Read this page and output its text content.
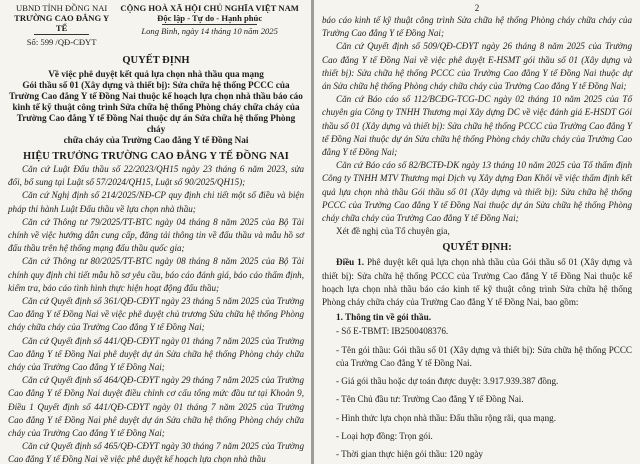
UBND TỈNH ĐỒNG NAI
TRƯỜNG CAO ĐẲNG Y TẾ
Số: 599 /QĐ-CĐYT
CỘNG HOÀ XÃ HỘI CHỦ NGHĨA VIỆT NAM
Độc lập - Tự do - Hạnh phúc
Long Bình, ngày 14 tháng 10 năm 2025
QUYẾT ĐỊNH
Về việc phê duyệt kết quả lựa chọn nhà thầu qua mạng
Gói thầu số 01 (Xây dựng và thiết bị): Sửa chữa hệ thống PCCC của
Trường Cao đẳng Y tế Đồng Nai thuộc kế hoạch lựa chọn nhà thầu báo cáo
kinh tế kỹ thuật công trình Sửa chữa hệ thống Phòng cháy chữa cháy của
Trường Cao đẳng Y tế Đồng Nai thuộc dự án Sửa chữa hệ thống Phòng cháy
chữa cháy của Trường Cao đẳng Y tế Đồng Nai
HIỆU TRƯỞNG TRƯỜNG CAO ĐẲNG Y TẾ ĐỒNG NAI

Căn cứ Luật Đấu thầu số 22/2023/QH15 ngày 23 tháng 6 năm 2023, sửa đổi, bổ sung tại Luật số 57/2024/QH15, Luật số 90/2025/QH15);

Căn cứ Nghị định số 214/2025/NĐ-CP quy định chi tiết một số điều và biện pháp thi hành Luật Đấu thầu về lựa chọn nhà thầu;

Căn cứ Thông tư 79/2025/TT-BTC ngày 04 tháng 8 năm 2025 của Bộ Tài chính về việc hướng dẫn cung cấp, đăng tải thông tin về đấu thầu và mẫu hồ sơ đấu thầu trên hệ thống mạng đấu thầu quốc gia;

Căn cứ Thông tư 80/2025/TT-BTC ngày 08 tháng 8 năm 2025 của Bộ Tài chính quy định chi tiết mẫu hồ sơ yêu cầu, báo cáo đánh giá, báo cáo thẩm định, kiểm tra, báo cáo tình hình thực hiện hoạt động đấu thầu;

Căn cứ Quyết định số 361/QĐ-CĐYT ngày 23 tháng 5 năm 2025 của Trường Cao đẳng Y tế Đồng Nai về việc phê duyệt chủ trương Sửa chữa hệ thống Phòng cháy chữa cháy của Trường Cao đẳng Y tế Đồng Nai;

Căn cứ Quyết định số 441/QĐ-CĐYT ngày 01 tháng 7 năm 2025 của Trường Cao đẳng Y tế Đồng Nai phê duyệt dự án Sửa chữa hệ thống Phòng cháy chữa cháy của Trường Cao đẳng Y tế Đồng Nai;

Căn cứ Quyết định số 464/QĐ-CĐYT ngày 29 tháng 7 năm 2025 của Trường Cao đẳng Y tế Đồng Nai duyệt điều chỉnh cơ cấu tổng mức đầu tư tại Khoản 9, Điều 1 Quyết định số 441/QĐ-CĐYT ngày 01 tháng 7 năm 2025 của Trường Cao đẳng Y tế Đồng Nai phê duyệt dự án Sửa chữa hệ thống Phòng cháy chữa cháy của Trường Cao đẳng Y tế Đồng Nai;

Căn cứ Quyết định số 465/QĐ-CĐYT ngày 30 tháng 7 năm 2025 của Trường Cao đẳng Y tế Đồng Nai về việc phê duyệt kế hoạch lựa chọn nhà thầu

2

báo cáo kinh tế kỹ thuật công trình Sửa chữa hệ thống Phòng cháy chữa cháy của Trường Cao đẳng Y tế Đồng Nai;

Căn cứ Quyết định số 509/QĐ-CĐYT ngày 26 tháng 8 năm 2025 của Trường Cao đẳng Y tế Đồng Nai về việc phê duyệt E-HSMT gói thầu số 01 (Xây dựng và thiết bị): Sửa chữa hệ thống PCCC của Trường Cao đẳng Y tế Đồng Nai thuộc dự án Sửa chữa hệ thống Phòng cháy chữa cháy của Trường Cao đẳng Y tế Đồng Nai;

Căn cứ Báo cáo số 112/BCĐG-TCG-DC ngày 02 tháng 10 năm 2025 của Tổ chuyên gia Công ty TNHH Thương mại Xây dựng DC về việc đánh giá E-HSDT Gói thầu số 01 (Xây dựng và thiết bị): Sửa chữa hệ thống PCCC của Trường Cao đẳng Y tế Đồng Nai thuộc dự án Sửa chữa hệ thống Phòng cháy chữa cháy của Trường Cao đẳng Y tế Đồng Nai;

Căn cứ Báo cáo số 82/BCTĐ-DK ngày 13 tháng 10 năm 2025 của Tổ thẩm định Công ty TNHH MTV Thương mại Dịch vụ Xây dựng Đan Khôi về việc thẩm định kết quả lựa chọn nhà thầu Gói thầu số 01 (Xây dựng và thiết bị): Sửa chữa hệ thống PCCC của Trường Cao đẳng Y tế Đồng Nai thuộc dự án Sửa chữa hệ thống Phòng cháy chữa cháy của Trường Cao đẳng Y tế Đồng Nai;

Xét đề nghị của Tổ chuyên gia,

QUYẾT ĐỊNH:

Điều 1. Phê duyệt kết quả lựa chọn nhà thầu của Gói thầu số 01 (Xây dựng và thiết bị): Sửa chữa hệ thống PCCC của Trường Cao đẳng Y tế Đồng Nai thuộc kế hoạch lựa chọn nhà thầu báo cáo kinh tế kỹ thuật công trình Sửa chữa hệ thống Phòng cháy chữa cháy của Trường Cao đẳng Y tế Đồng Nai, bao gồm:

1. Thông tin về gói thầu.
- Số E-TBMT: IB2500408376.
- Tên gói thầu: Gói thầu số 01 (Xây dựng và thiết bị): Sửa chữa hệ thống PCCC của Trường Cao đẳng Y tế Đồng Nai.
- Giá gói thầu hoặc dự toán được duyệt: 3.917.939.387 đồng.
- Tên Chủ đầu tư: Trường Cao đẳng Y tế Đồng Nai.
- Hình thức lựa chọn nhà thầu: Đấu thầu rộng rãi, qua mạng.
- Loại hợp đồng: Trọn gói.
- Thời gian thực hiện gói thầu: 120 ngày
